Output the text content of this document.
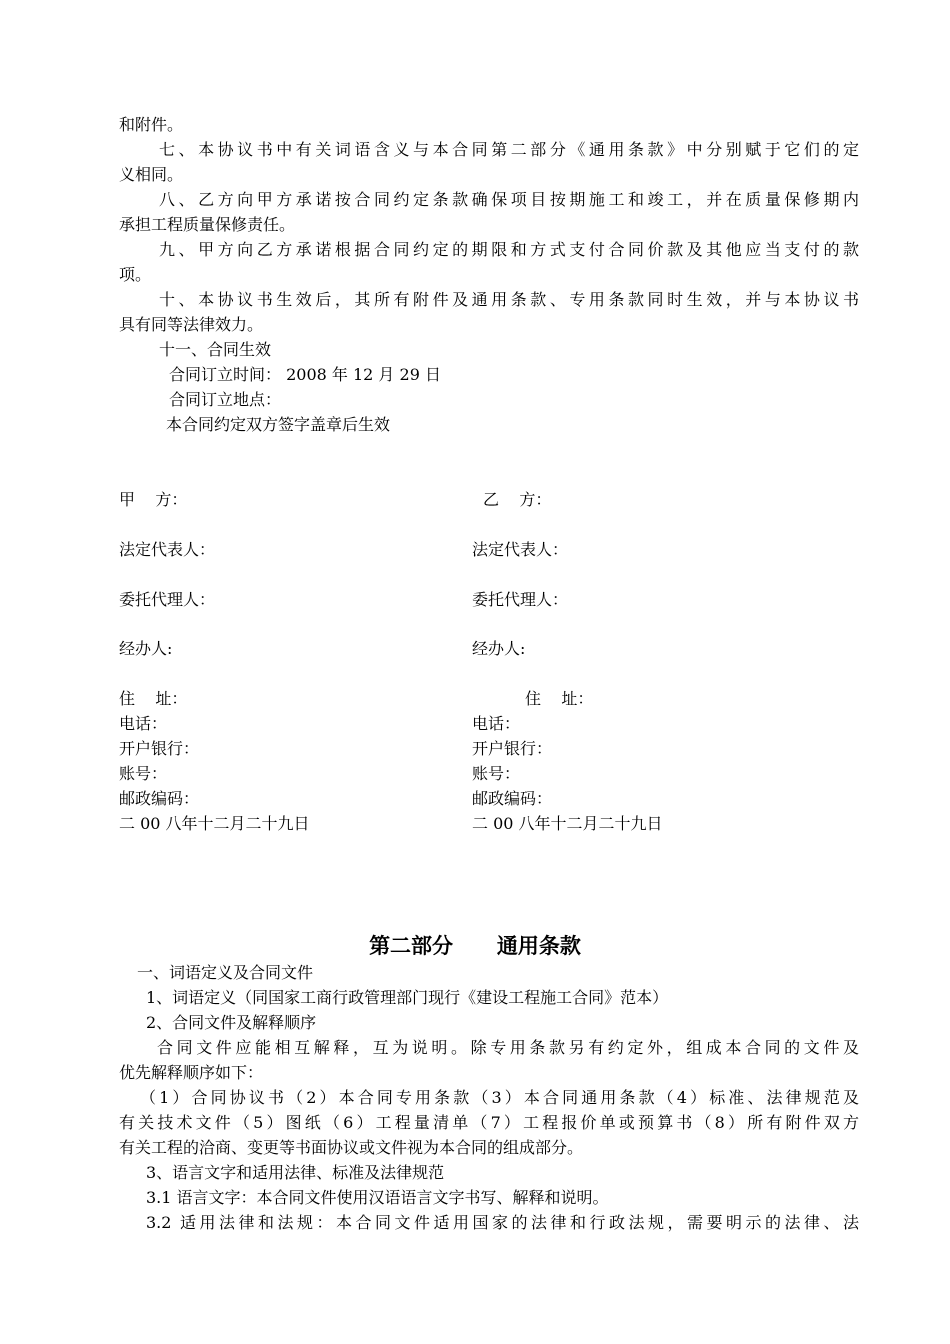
和附件。
七、本协议书中有关词语含义与本合同第二部分《通用条款》中分别赋于它们的定
义相同。
八、乙方向甲方承诺按合同约定条款确保项目按期施工和竣工，并在质量保修期内
承担工程质量保修责任。
九、甲方向乙方承诺根据合同约定的期限和方式支付合同价款及其他应当支付的款
项。
十、本协议书生效后，其所有附件及通用条款、专用条款同时生效，并与本协议书
具有同等法律效力。
十一、合同生效
合同订立时间： 2008 年 12 月 29 日
合同订立地点：
本合同约定双方签字盖章后生效
甲    方：
法定代表人：
委托代理人：
经办人:
住    址：
电话：
开户银行：
账号：
邮政编码：
二 00 八年十二月二十九日
乙    方：
法定代表人：
委托代理人：
经办人:
住    址：
电话：
开户银行：
账号：
邮政编码：
二 00 八年十二月二十九日
第二部分      通用条款
一、词语定义及合同文件
1、词语定义（同国家工商行政管理部门现行《建设工程施工合同》范本）
2、合同文件及解释顺序
合同文件应能相互解释，互为说明。除专用条款另有约定外，组成本合同的文件及
优先解释顺序如下：
（1）合同协议书（2）本合同专用条款（3）本合同通用条款（4）标准、法律规范及
有关技术文件（5）图纸（6）工程量清单（7）工程报价单或预算书（8）所有附件双方
有关工程的洽商、变更等书面协议或文件视为本合同的组成部分。
3、语言文字和适用法律、标准及法律规范
3.1 语言文字：本合同文件使用汉语语言文字书写、解释和说明。
3.2 适用法律和法规：本合同文件适用国家的法律和行政法规，需要明示的法律、法
